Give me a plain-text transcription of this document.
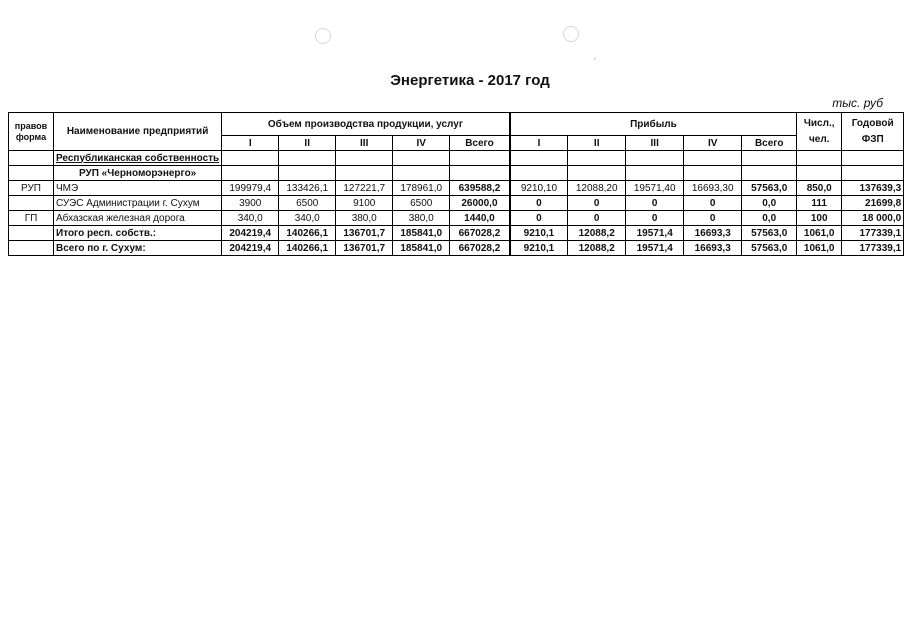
′
Энергетика - 2017 год
тыс. руб
правов форма	Наименование предприятий	Объем производства продукции, услуг					Прибыль					Числ., чел.	Годовой ФЗП
		I	II	III	IV	Всего	I	II	III	IV	Всего		
	Республиканская собственность												
	РУП «Черноморэнерго»												
РУП	ЧМЭ	199979,4	133426,1	127221,7	178961,0	639588,2	9210,10	12088,20	19571,40	16693,30	57563,0	850,0	137639,3
	СУЭС Администрации г. Сухум	3900	6500	9100	6500	26000,0	0	0	0	0	0,0	111	21699,8
ГП	Абхазская железная дорога	340,0	340,0	380,0	380,0	1440,0	0	0	0	0	0,0	100	18 000,0
	Итого респ. собств.:	204219,4	140266,1	136701,7	185841,0	667028,2	9210,1	12088,2	19571,4	16693,3	57563,0	1061,0	177339,1
	Всего по г. Сухум:	204219,4	140266,1	136701,7	185841,0	667028,2	9210,1	12088,2	19571,4	16693,3	57563,0	1061,0	177339,1
